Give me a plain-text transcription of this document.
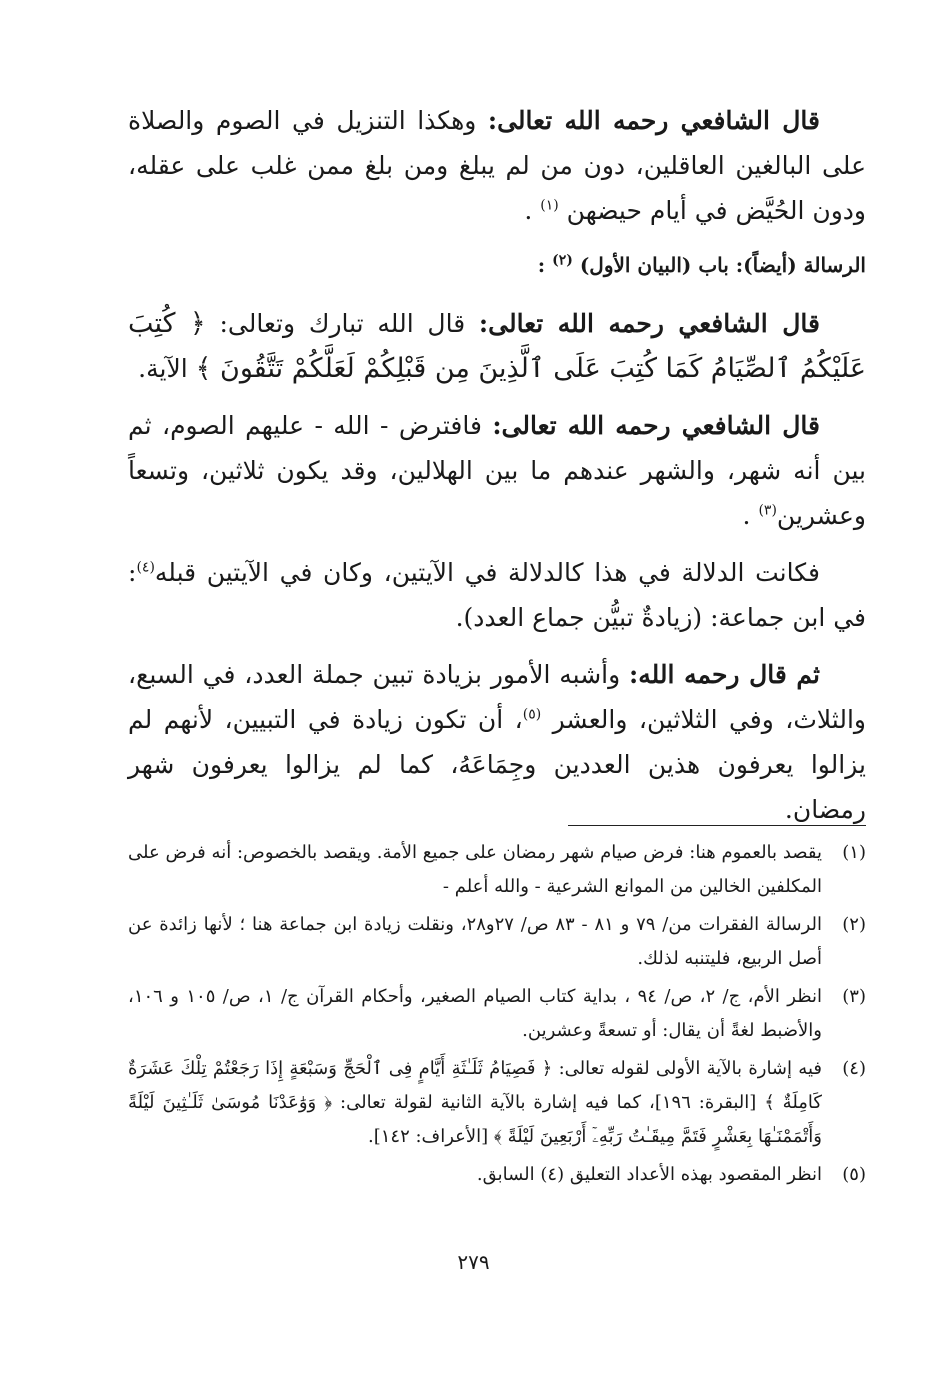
قال الشافعي رحمه الله تعالى: وهكذا التنزيل في الصوم والصلاة على البالغين العاقلين، دون من لم يبلغ ومن بلغ ممن غلب على عقله، ودون الحُيَّض في أيام حيضهن $^{(١)}$ .

الرسالة (أيضاً): باب (البيان الأول) $^{(٢)}$ :

قال الشافعي رحمه الله تعالى: قال الله تبارك وتعالى: ﴿ كُتِبَ عَلَيْكُمُ ٱلصِّيَامُ كَمَا كُتِبَ عَلَى ٱلَّذِينَ مِن قَبْلِكُمْ لَعَلَّكُمْ تَتَّقُونَ ﴾ الآية.

قال الشافعي رحمه الله تعالى: فافترض - الله - عليهم الصوم، ثم بين أنه شهر، والشهر عندهم ما بين الهلالين، وقد يكون ثلاثين، وتسعاً وعشرين$^{(٣)}$ .

فكانت الدلالة في هذا كالدلالة في الآيتين، وكان في الآيتين قبله$^{(٤)}$: في ابن جماعة: (زيادةٌ تبيُّن جماع العدد).

ثم قال رحمه الله: وأشبه الأمور بزيادة تبين جملة العدد، في السبع، والثلاث، وفي الثلاثين، والعشر $^{(٥)}$، أن تكون زيادة في التبيين، لأنهم لم يزالوا يعرفون هذين العددين وجِمَاعَهُ، كما لم يزالوا يعرفون شهر رمضان.

(١)
يقصد بالعموم هنا: فرض صيام شهر رمضان على جميع الأمة. ويقصد بالخصوص: أنه فرض على المكلفين الخالين من الموانع الشرعية - والله أعلم -
(٢)
الرسالة الفقرات من/ ٧٩ و ٨١ - ٨٣ ص/ ٢٧و٢٨، ونقلت زيادة ابن جماعة هنا ؛ لأنها زائدة عن أصل الربيع، فليتنبه لذلك.
(٣)
انظر الأم، ج/ ٢، ص/ ٩٤ ، بداية كتاب الصيام الصغير، وأحكام القرآن ج/ ١، ص/ ١٠٥ و ١٠٦، والأضبط لغةً أن يقال: أو تسعةً وعشرين.
(٤)
فيه إشارة بالآية الأولى لقوله تعالى: ﴿ فَصِيَامُ ثَلَـٰثَةِ أَيَّامٍ فِى ٱلْحَجِّ وَسَبْعَةٍ إِذَا رَجَعْتُمْ تِلْكَ عَشَرَةٌ كَامِلَةٌ ﴾ [البقرة: ١٩٦]، كما فيه إشارة بالآية الثانية لقولة تعالى: ﴿ وَوَٰعَدْنَا مُوسَىٰ ثَلَـٰثِينَ لَيْلَةً وَأَتْمَمْنَـٰهَا بِعَشْرٍ فَتَمَّ مِيقَـٰتُ رَبِّهِۦٓ أَرْبَعِينَ لَيْلَةً ﴾ [الأعراف: ١٤٢].
(٥)
انظر المقصود بهذه الأعداد التعليق (٤) السابق.
٢٧٩
